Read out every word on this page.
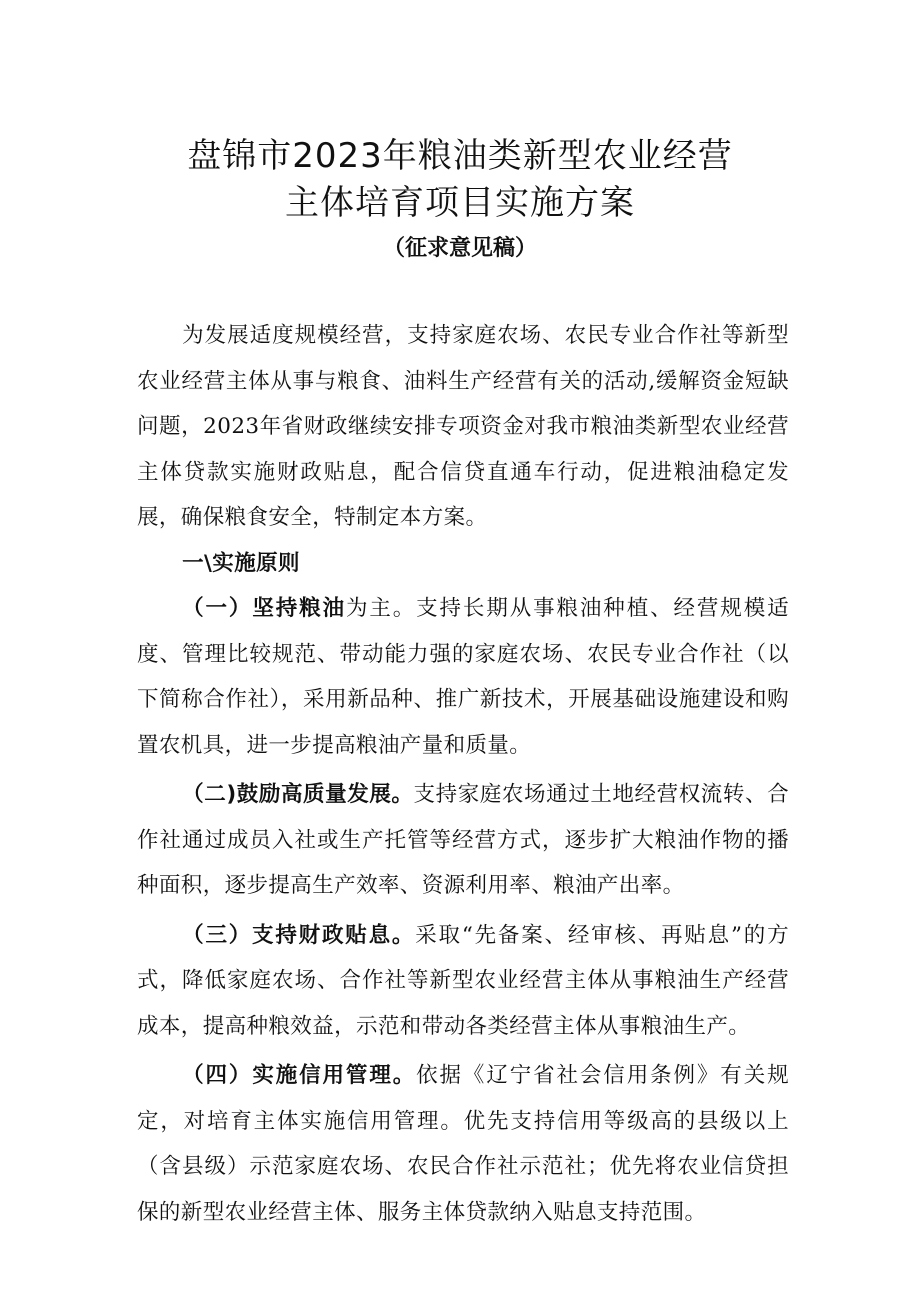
盘锦市2023年粮油类新型农业经营
主体培育项目实施方案
（征求意见稿）

为发展适度规模经营，支持家庭农场、农民专业合作社等新型农业经营主体从事与粮食、油料生产经营有关的活动,缓解资金短缺问题，2023年省财政继续安排专项资金对我市粮油类新型农业经营主体贷款实施财政贴息，配合信贷直通车行动，促进粮油稳定发展，确保粮食安全，特制定本方案。

一\实施原则

（一）坚持粮油为主。支持长期从事粮油种植、经营规模适度、管理比较规范、带动能力强的家庭农场、农民专业合作社（以下简称合作社），采用新品种、推广新技术，开展基础设施建设和购置农机具，进一步提高粮油产量和质量。

（二)鼓励高质量发展。支持家庭农场通过土地经营权流转、合作社通过成员入社或生产托管等经营方式，逐步扩大粮油作物的播种面积，逐步提高生产效率、资源利用率、粮油产出率。

（三）支持财政贴息。采取“先备案、经审核、再贴息”的方式，降低家庭农场、合作社等新型农业经营主体从事粮油生产经营成本，提高种粮效益，示范和带动各类经营主体从事粮油生产。

（四）实施信用管理。依据《辽宁省社会信用条例》有关规定，对培育主体实施信用管理。优先支持信用等级高的县级以上（含县级）示范家庭农场、农民合作社示范社；优先将农业信贷担保的新型农业经营主体、服务主体贷款纳入贴息支持范围。
